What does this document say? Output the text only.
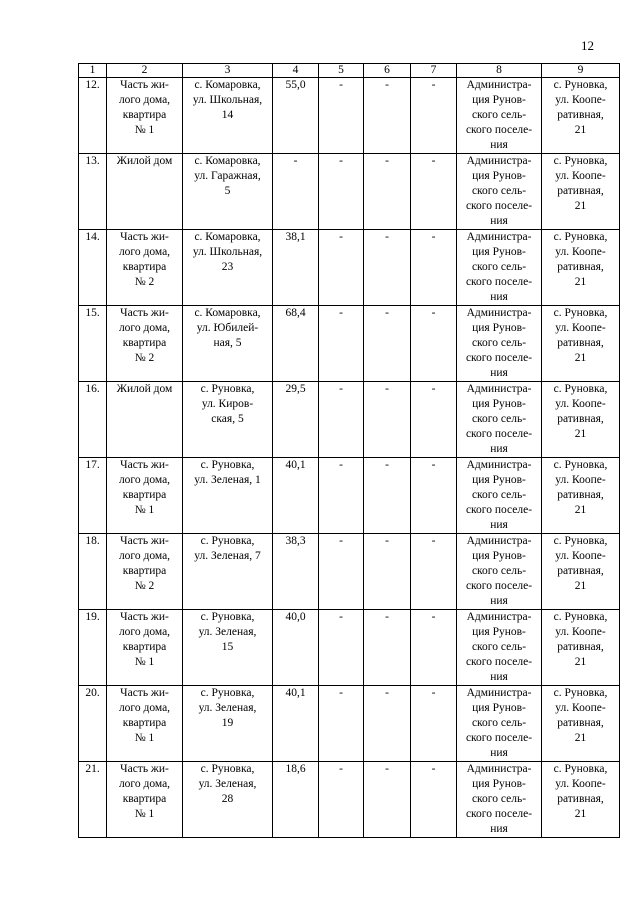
12
1	2	3	4	5	6	7	8	9
12.	Часть жи-
лого дома,
квартира
№ 1	с. Комаровка,
ул. Школьная,
14	55,0	-	-	-	Администра-
ция Рунов-
ского сель-
ского поселе-
ния	с. Руновка,
ул. Коопе-
ративная,
21
13.	Жилой дом	с. Комаровка,
ул. Гаражная,
5	-	-	-	-	Администра-
ция Рунов-
ского сель-
ского поселе-
ния	с. Руновка,
ул. Коопе-
ративная,
21
14.	Часть жи-
лого дома,
квартира
№ 2	с. Комаровка,
ул. Школьная,
23	38,1	-	-	-	Администра-
ция Рунов-
ского сель-
ского поселе-
ния	с. Руновка,
ул. Коопе-
ративная,
21
15.	Часть жи-
лого дома,
квартира
№ 2	с. Комаровка,
ул. Юбилей-
ная, 5	68,4	-	-	-	Администра-
ция Рунов-
ского сель-
ского поселе-
ния	с. Руновка,
ул. Коопе-
ративная,
21
16.	Жилой дом	с. Руновка,
ул. Киров-
ская, 5	29,5	-	-	-	Администра-
ция Рунов-
ского сель-
ского поселе-
ния	с. Руновка,
ул. Коопе-
ративная,
21
17.	Часть жи-
лого дома,
квартира
№ 1	с. Руновка,
ул. Зеленая, 1	40,1	-	-	-	Администра-
ция Рунов-
ского сель-
ского поселе-
ния	с. Руновка,
ул. Коопе-
ративная,
21
18.	Часть жи-
лого дома,
квартира
№ 2	с. Руновка,
ул. Зеленая, 7	38,3	-	-	-	Администра-
ция Рунов-
ского сель-
ского поселе-
ния	с. Руновка,
ул. Коопе-
ративная,
21
19.	Часть жи-
лого дома,
квартира
№ 1	с. Руновка,
ул. Зеленая,
15	40,0	-	-	-	Администра-
ция Рунов-
ского сель-
ского поселе-
ния	с. Руновка,
ул. Коопе-
ративная,
21
20.	Часть жи-
лого дома,
квартира
№ 1	с. Руновка,
ул. Зеленая,
19	40,1	-	-	-	Администра-
ция Рунов-
ского сель-
ского поселе-
ния	с. Руновка,
ул. Коопе-
ративная,
21
21.	Часть жи-
лого дома,
квартира
№ 1	с. Руновка,
ул. Зеленая,
28	18,6	-	-	-	Администра-
ция Рунов-
ского сель-
ского поселе-
ния	с. Руновка,
ул. Коопе-
ративная,
21
